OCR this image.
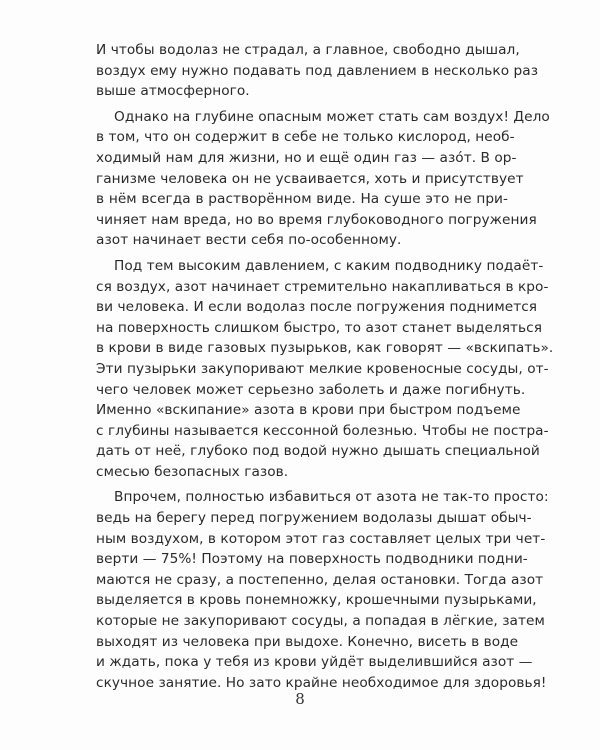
И чтобы водолаз не страдал, а главное, свободно дышал,
воздух ему нужно подавать под давлением в несколько раз
выше атмосферного.
Однако на глубине опасным может стать сам воздух! Дело
в том, что он содержит в себе не только кислород, необ-
ходимый нам для жизни, но и ещё один газ — азо́т. В ор-
ганизме человека он не усваивается, хоть и присутствует
в нём всегда в растворённом виде. На суше это не при-
чиняет нам вреда, но во время глубоководного погружения
азот начинает вести себя по-особенному.
Под тем высоким давлением, с каким подводнику подаёт-
ся воздух, азот начинает стремительно накапливаться в кро-
ви человека. И если водолаз после погружения поднимется
на поверхность слишком быстро, то азот станет выделяться
в крови в виде газовых пузырьков, как говорят — «вскипать».
Эти пузырьки закупоривают мелкие кровеносные сосуды, от-
чего человек может серьезно заболеть и даже погибнуть.
Именно «вскипание» азота в крови при быстром подъеме
с глубины называется кессонной болезнью. Чтобы не постра-
дать от неё, глубоко под водой нужно дышать специальной
смесью безопасных газов.
Впрочем, полностью избавиться от азота не так-то просто:
ведь на берегу перед погружением водолазы дышат обыч-
ным воздухом, в котором этот газ составляет целых три чет-
верти — 75%! Поэтому на поверхность подводники подни-
маются не сразу, а постепенно, делая остановки. Тогда азот
выделяется в кровь понемножку, крошечными пузырьками,
которые не закупоривают сосуды, а попадая в лёгкие, затем
выходят из человека при выдохе. Конечно, висеть в воде
и ждать, пока у тебя из крови уйдёт выделившийся азот —
скучное занятие. Но зато крайне необходимое для здоровья!
8
